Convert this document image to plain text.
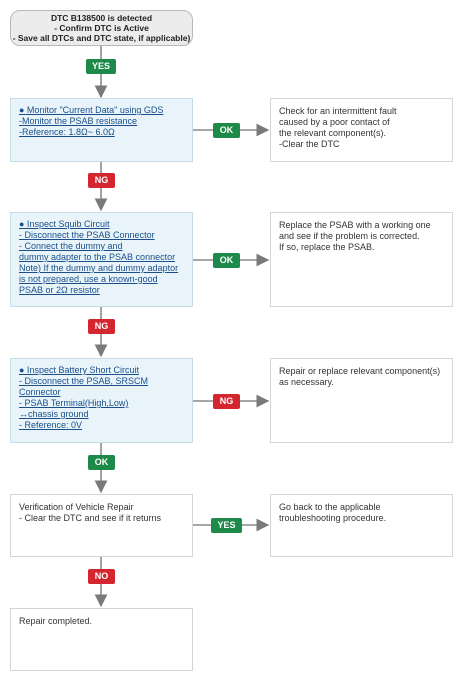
DTC B138500 is detected
- Confirm DTC is Active
- Save all DTCs and DTC state, if applicable)
YES
● Monitor "Current Data" using GDS
-Monitor the PSAB resistance
-Reference: 1.8Ω~ 6.0Ω	OK
Check for an intermittent fault
caused by a poor contact of
the relevant component(s).
-Clear the DTC
NG
● Inspect Squib Circuit
- Disconnect the PSAB Connector
- Connect the dummy and
dummy adapter to the PSAB connector
Note) If the dummy and dummy adaptor
is not prepared, use a known-good
PSAB or 2Ω resistor
OK
Replace the PSAB with a working one
and see if the problem is corrected.
If so, replace the PSAB.
NG
● Inspect Battery Short Circuit
- Disconnect the PSAB, SRSCM
Connector
- PSAB Terminal(High,Low)
↔chassis ground
- Reference: 0V
NG
Repair or replace relevant component(s)
as necessary.
OK
Verification of Vehicle Repair
- Clear the DTC and see if it returns
YES
Go back to the applicable
troubleshooting procedure.
NO
Repair completed.
